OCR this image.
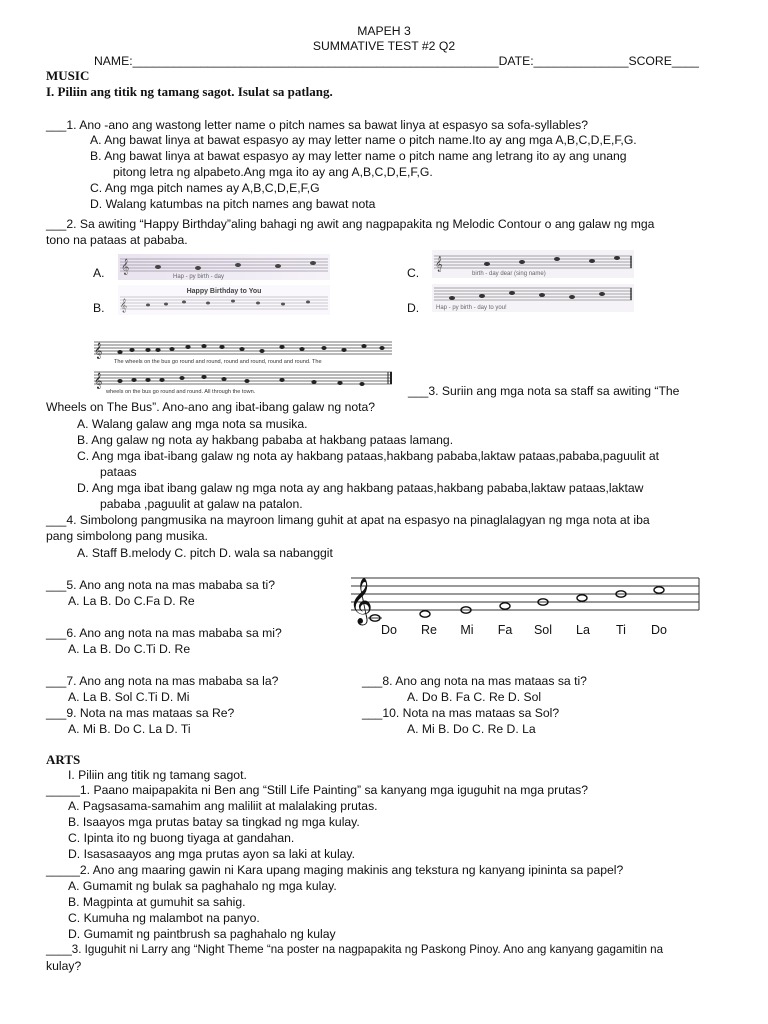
MAPEH 3
SUMMATIVE TEST #2 Q2
NAME:______________________________________________________DATE:______________SCORE____
MUSIC
I. Piliin ang titik ng tamang sagot. Isulat sa patlang.
___1. Ano -ano ang wastong letter name o pitch names sa bawat linya at espasyo sa sofa-syllables?
A. Ang bawat linya at bawat espasyo ay may letter name o pitch name.Ito ay ang mga A,B,C,D,E,F,G.
B. Ang bawat linya at bawat espasyo ay may letter name o pitch name ang letrang ito ay ang unang
pitong letra ng alpabeto.Ang mga ito ay ang A,B,C,D,E,F,G.
C. Ang mga pitch names ay A,B,C,D,E,F,G
D. Walang katumbas na pitch names ang bawat nota
___2. Sa awiting “Happy Birthday”aling bahagi ng awit ang nagpapakita ng Melodic Contour o ang galaw ng mga
tono na pataas at pababa.
A.
B.
C.
D.
𝄞
Hap - py birth - day
Happy Birthday to You
𝄞
𝄞
birth - day dear (sing name)
Hap - py birth - day to you!
𝄞
The wheels on the bus go round and round, round and round, round and round. The
𝄞
wheels on the bus go round and round. All through the town.	___3. Suriin ang mga nota sa staff sa awiting “The
Wheels on The Bus”. Ano-ano ang ibat-ibang galaw ng nota?
A. Walang galaw ang mga nota sa musika.
B. Ang galaw ng nota ay hakbang pababa at hakbang pataas lamang.
C. Ang mga ibat-ibang galaw ng nota ay hakbang pataas,hakbang pababa,laktaw pataas,pababa,paguulit at
pataas
D. Ang mga ibat ibang galaw ng mga nota ay ang hakbang pataas,hakbang pababa,laktaw pataas,laktaw
pababa ,paguulit at galaw na patalon.
___4. Simbolong pangmusika na mayroon limang guhit at apat na espasyo na pinaglalagyan ng mga nota at iba
pang simbolong pang musika.
A. Staff B.melody C. pitch D. wala sa nabanggit
___5. Ano ang nota na mas mababa sa ti?
A. La B. Do C.Fa D. Re
___6. Ano ang nota na mas mababa sa mi?
A. La B. Do C.Ti D. Re
𝄞
Do Re Mi Fa Sol La Ti Do
___7. Ano ang nota na mas mababa sa la?
A. La B. Sol C.Ti D. Mi
___8. Ano ang nota na mas mataas sa ti?
A. Do B. Fa C. Re D. Sol
___9. Nota na mas mataas sa Re?
A. Mi B. Do C. La D. Ti
___10. Nota na mas mataas sa Sol?
A. Mi B. Do C. Re D. La
ARTS
I. Piliin ang titik ng tamang sagot.
_____1. Paano maipapakita ni Ben ang “Still Life Painting” sa kanyang mga iguguhit na mga prutas?
A. Pagsasama-samahim ang maliliit at malalaking prutas.
B. Isaayos mga prutas batay sa tingkad ng mga kulay.
C. Ipinta ito ng buong tiyaga at gandahan.
D. Isasasaayos ang mga prutas ayon sa laki at kulay.
_____2. Ano ang maaring gawin ni Kara upang maging makinis ang tekstura ng kanyang ipininta sa papel?
A. Gumamit ng bulak sa paghahalo ng mga kulay.
B. Magpinta at gumuhit sa sahig.
C. Kumuha ng malambot na panyo.
D. Gumamit ng paintbrush sa paghahalo ng kulay
____3. Iguguhit ni Larry ang “Night Theme “na poster na nagpapakita ng Paskong Pinoy. Ano ang kanyang gagamitin na
kulay?
